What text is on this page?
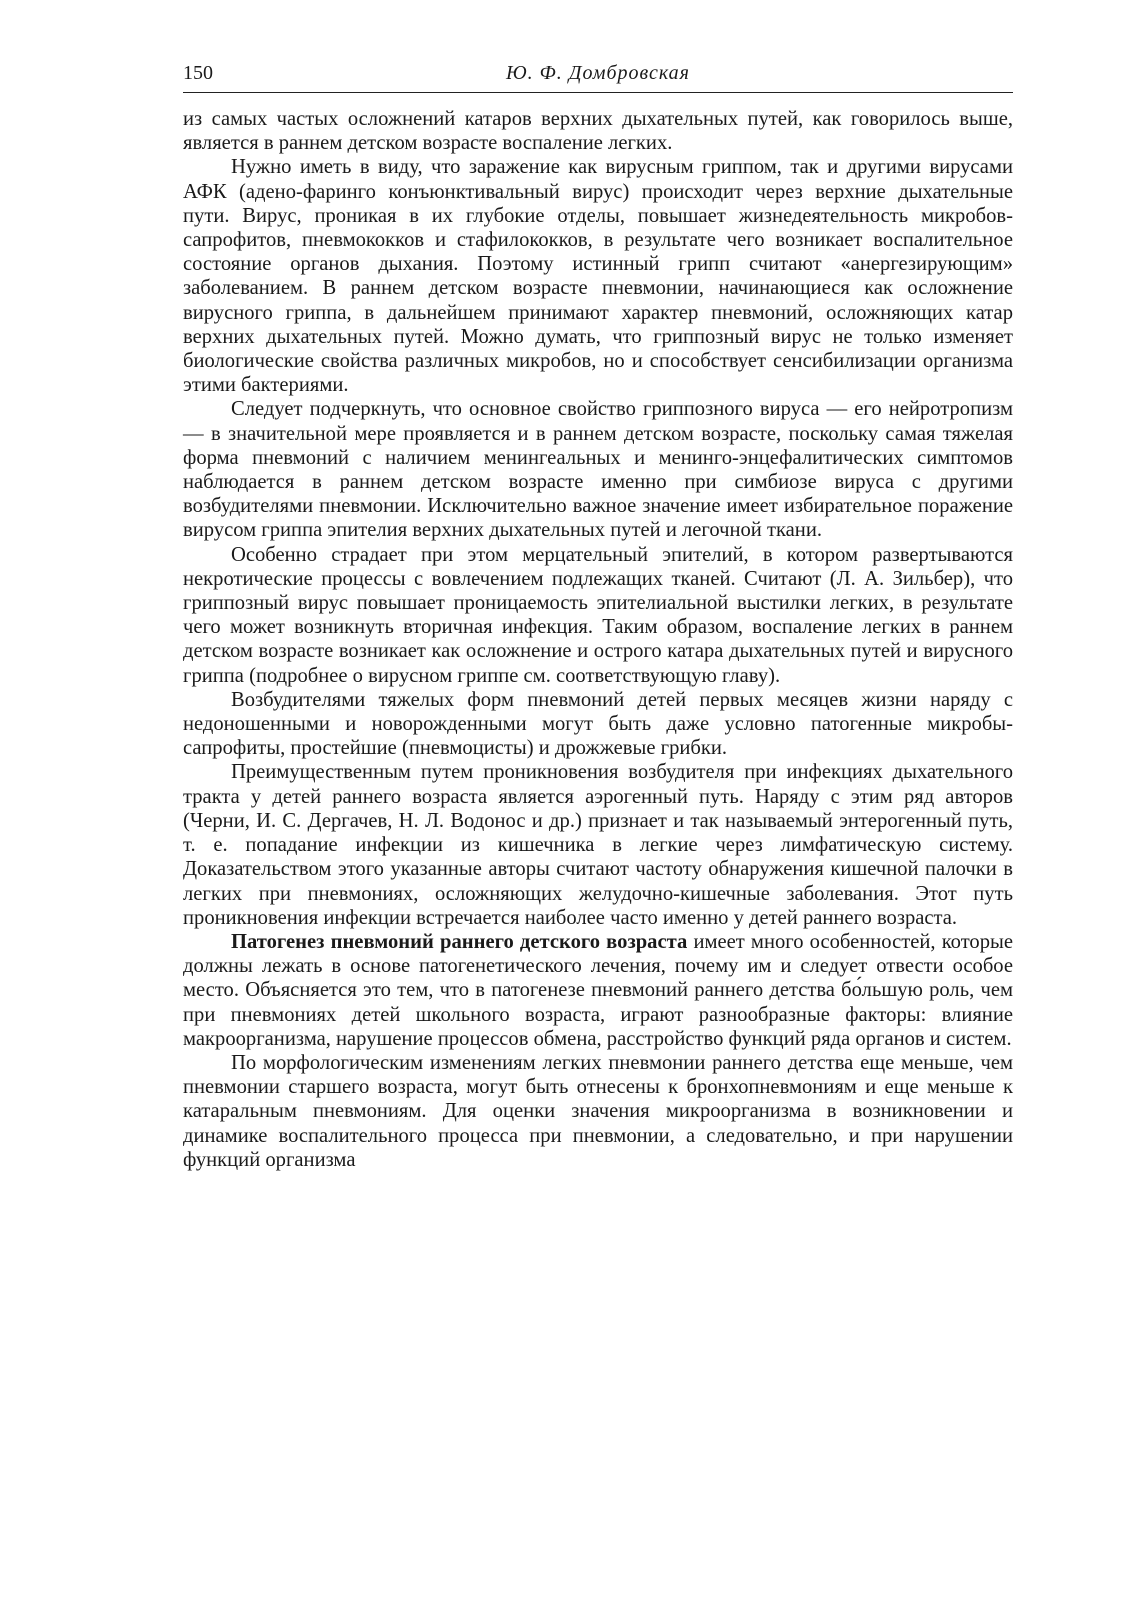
150	Ю. Ф. Домбровская

из самых частых осложнений катаров верхних дыхательных путей, как говорилось выше, является в раннем детском возрасте воспаление легких.

Нужно иметь в виду, что заражение как вирусным гриппом, так и другими вирусами АФК (адено-фаринго конъюнктивальный вирус) происходит через верхние дыхательные пути. Вирус, проникая в их глубокие отделы, повышает жизнедеятельность микробов-сапрофитов, пневмококков и стафилококков, в результате чего возникает воспалительное состояние органов дыхания. Поэтому истинный грипп считают «анергезирующим» заболеванием. В раннем детском возрасте пневмонии, начинающиеся как осложнение вирусного гриппа, в дальнейшем принимают характер пневмоний, осложняющих катар верхних дыхательных путей. Можно думать, что гриппозный вирус не только изменяет биологические свойства различных микробов, но и способствует сенсибилизации организма этими бактериями.

Следует подчеркнуть, что основное свойство гриппозного вируса — его нейротропизм — в значительной мере проявляется и в раннем детском возрасте, поскольку самая тяжелая форма пневмоний с наличием менингеальных и менинго-энцефалитических симптомов наблюдается в раннем детском возрасте именно при симбиозе вируса с другими возбудителями пневмонии. Исключительно важное значение имеет избирательное поражение вирусом гриппа эпителия верхних дыхательных путей и легочной ткани.

Особенно страдает при этом мерцательный эпителий, в котором развертываются некротические процессы с вовлечением подлежащих тканей. Считают (Л. А. Зильбер), что гриппозный вирус повышает проницаемость эпителиальной выстилки легких, в результате чего может возникнуть вторичная инфекция. Таким образом, воспаление легких в раннем детском возрасте возникает как осложнение и острого катара дыхательных путей и вирусного гриппа (подробнее о вирусном гриппе см. соответствующую главу).

Возбудителями тяжелых форм пневмоний детей первых месяцев жизни наряду с недоношенными и новорожденными могут быть даже условно патогенные микробы-сапрофиты, простейшие (пневмоцисты) и дрожжевые грибки.

Преимущественным путем проникновения возбудителя при инфекциях дыхательного тракта у детей раннего возраста является аэрогенный путь. Наряду с этим ряд авторов (Черни, И. С. Дергачев, Н. Л. Водонос и др.) признает и так называемый энтерогенный путь, т. е. попадание инфекции из кишечника в легкие через лимфатическую систему. Доказательством этого указанные авторы считают частоту обнаружения кишечной палочки в легких при пневмониях, осложняющих желудочно-кишечные заболевания. Этот путь проникновения инфекции встречается наиболее часто именно у детей раннего возраста.

Патогенез пневмоний раннего детского возраста имеет много особенностей, которые должны лежать в основе патогенетического лечения, почему им и следует отвести особое место. Объясняется это тем, что в патогенезе пневмоний раннего детства бо́льшую роль, чем при пневмониях детей школьного возраста, играют разнообразные факторы: влияние макроорганизма, нарушение процессов обмена, расстройство функций ряда органов и систем.

По морфологическим изменениям легких пневмонии раннего детства еще меньше, чем пневмонии старшего возраста, могут быть отнесены к бронхопневмониям и еще меньше к катаральным пневмониям. Для оценки значения микроорганизма в возникновении и динамике воспалительного процесса при пневмонии, а следовательно, и при нарушении функций организма
